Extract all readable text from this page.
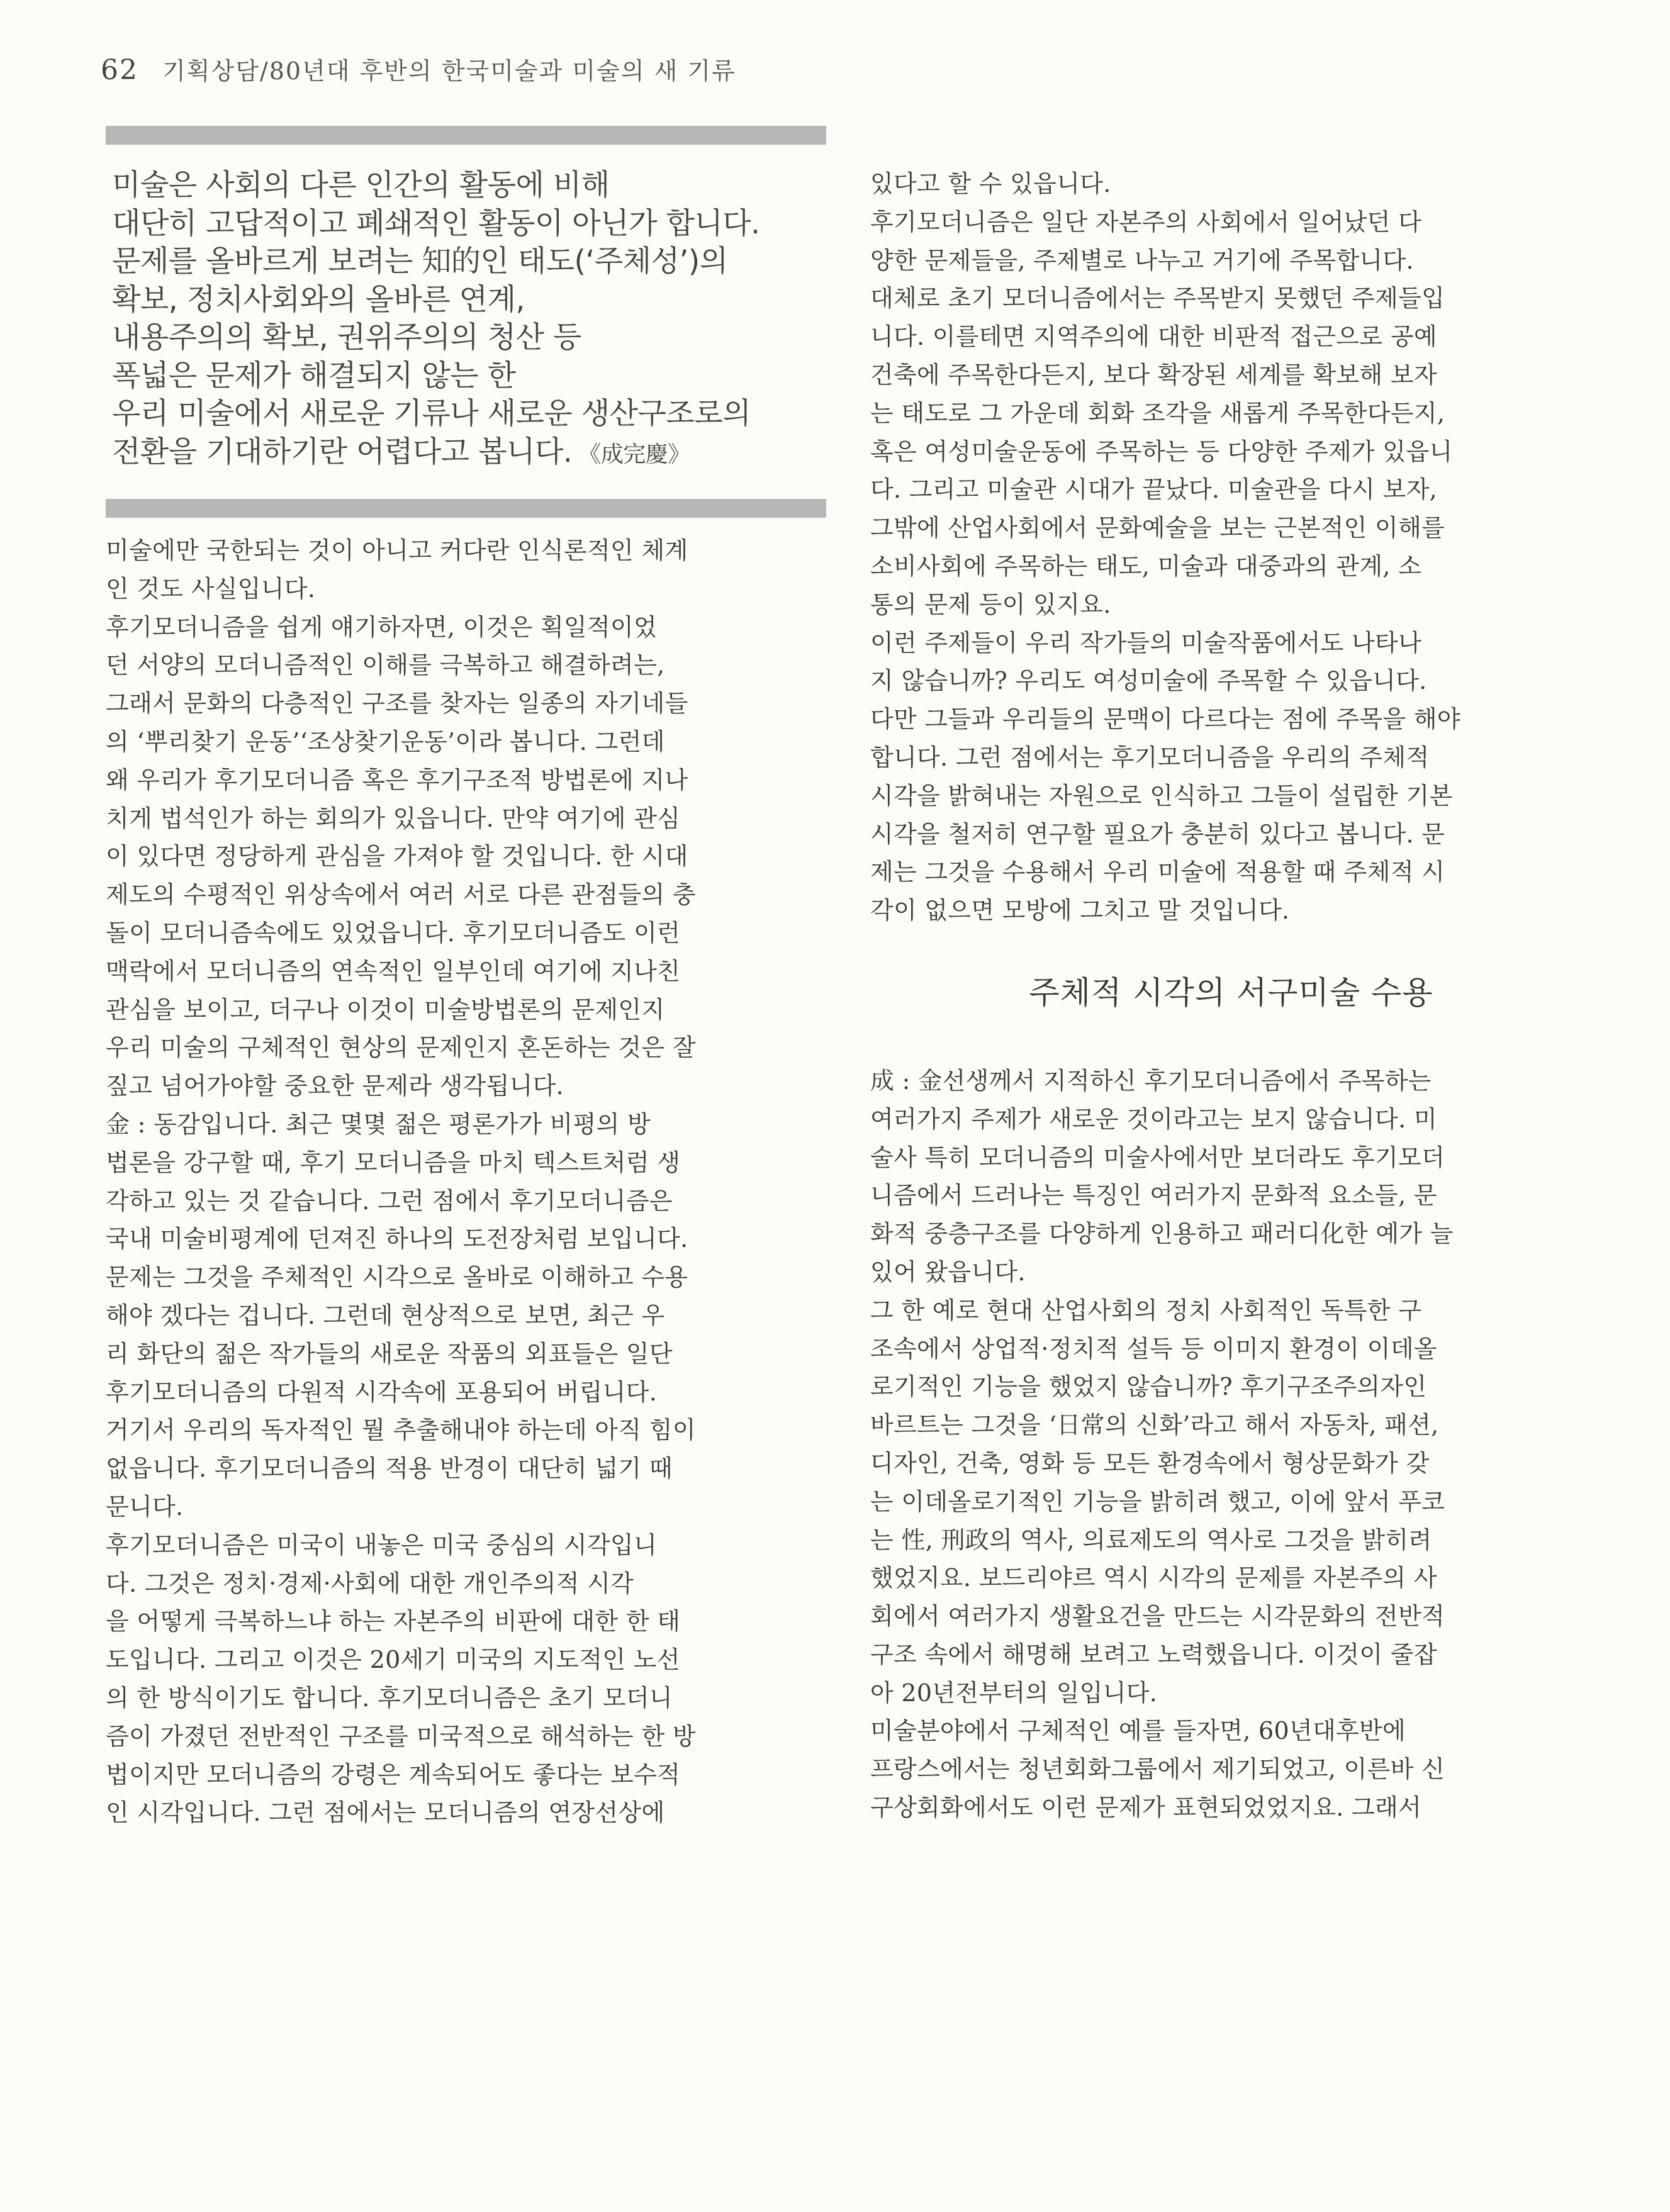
62 기획상담/80년대 후반의 한국미술과 미술의 새 기류
미술은 사회의 다른 인간의 활동에 비해
대단히 고답적이고 폐쇄적인 활동이 아닌가 합니다.
문제를 올바르게 보려는 知的인 태도(‘주체성’)의
확보, 정치사회와의 올바른 연계,
내용주의의 확보, 권위주의의 청산 등
폭넓은 문제가 해결되지 않는 한
우리 미술에서 새로운 기류나 새로운 생산구조로의
전환을 기대하기란 어렵다고 봅니다. 《成完慶》
미술에만 국한되는 것이 아니고 커다란 인식론적인 체계
인 것도 사실입니다.
후기모더니즘을 쉽게 얘기하자면, 이것은 획일적이었
던 서양의 모더니즘적인 이해를 극복하고 해결하려는,
그래서 문화의 다층적인 구조를 찾자는 일종의 자기네들
의 ‘뿌리찾기 운동’‘조상찾기운동’이라 봅니다. 그런데
왜 우리가 후기모더니즘 혹은 후기구조적 방법론에 지나
치게 법석인가 하는 회의가 있읍니다. 만약 여기에 관심
이 있다면 정당하게 관심을 가져야 할 것입니다. 한 시대
제도의 수평적인 위상속에서 여러 서로 다른 관점들의 충
돌이 모더니즘속에도 있었읍니다. 후기모더니즘도 이런
맥락에서 모더니즘의 연속적인 일부인데 여기에 지나친
관심을 보이고, 더구나 이것이 미술방법론의 문제인지
우리 미술의 구체적인 현상의 문제인지 혼돈하는 것은 잘
짚고 넘어가야할 중요한 문제라 생각됩니다.
金 : 동감입니다. 최근 몇몇 젊은 평론가가 비평의 방
법론을 강구할 때, 후기 모더니즘을 마치 텍스트처럼 생
각하고 있는 것 같습니다. 그런 점에서 후기모더니즘은
국내 미술비평계에 던져진 하나의 도전장처럼 보입니다.
문제는 그것을 주체적인 시각으로 올바로 이해하고 수용
해야 겠다는 겁니다. 그런데 현상적으로 보면, 최근 우
리 화단의 젊은 작가들의 새로운 작품의 외표들은 일단
후기모더니즘의 다원적 시각속에 포용되어 버립니다.
거기서 우리의 독자적인 뭘 추출해내야 하는데 아직 힘이
없읍니다. 후기모더니즘의 적용 반경이 대단히 넓기 때
문니다.
후기모더니즘은 미국이 내놓은 미국 중심의 시각입니
다. 그것은 정치·경제·사회에 대한 개인주의적 시각
을 어떻게 극복하느냐 하는 자본주의 비판에 대한 한 태
도입니다. 그리고 이것은 20세기 미국의 지도적인 노선
의 한 방식이기도 합니다. 후기모더니즘은 초기 모더니
즘이 가졌던 전반적인 구조를 미국적으로 해석하는 한 방
법이지만 모더니즘의 강령은 계속되어도 좋다는 보수적
인 시각입니다. 그런 점에서는 모더니즘의 연장선상에
있다고 할 수 있읍니다.
후기모더니즘은 일단 자본주의 사회에서 일어났던 다
양한 문제들을, 주제별로 나누고 거기에 주목합니다.
대체로 초기 모더니즘에서는 주목받지 못했던 주제들입
니다. 이를테면 지역주의에 대한 비판적 접근으로 공예
건축에 주목한다든지, 보다 확장된 세계를 확보해 보자
는 태도로 그 가운데 회화 조각을 새롭게 주목한다든지,
혹은 여성미술운동에 주목하는 등 다양한 주제가 있읍니
다. 그리고 미술관 시대가 끝났다. 미술관을 다시 보자,
그밖에 산업사회에서 문화예술을 보는 근본적인 이해를
소비사회에 주목하는 태도, 미술과 대중과의 관계, 소
통의 문제 등이 있지요.
이런 주제들이 우리 작가들의 미술작품에서도 나타나
지 않습니까? 우리도 여성미술에 주목할 수 있읍니다.
다만 그들과 우리들의 문맥이 다르다는 점에 주목을 해야
합니다. 그런 점에서는 후기모더니즘을 우리의 주체적
시각을 밝혀내는 자원으로 인식하고 그들이 설립한 기본
시각을 철저히 연구할 필요가 충분히 있다고 봅니다. 문
제는 그것을 수용해서 우리 미술에 적용할 때 주체적 시
각이 없으면 모방에 그치고 말 것입니다.
주체적 시각의 서구미술 수용
成 : 金선생께서 지적하신 후기모더니즘에서 주목하는
여러가지 주제가 새로운 것이라고는 보지 않습니다. 미
술사 특히 모더니즘의 미술사에서만 보더라도 후기모더
니즘에서 드러나는 특징인 여러가지 문화적 요소들, 문
화적 중층구조를 다양하게 인용하고 패러디化한 예가 늘
있어 왔읍니다.
그 한 예로 현대 산업사회의 정치 사회적인 독특한 구
조속에서 상업적·정치적 설득 등 이미지 환경이 이데올
로기적인 기능을 했었지 않습니까? 후기구조주의자인
바르트는 그것을 ‘日常의 신화’라고 해서 자동차, 패션,
디자인, 건축, 영화 등 모든 환경속에서 형상문화가 갖
는 이데올로기적인 기능을 밝히려 했고, 이에 앞서 푸코
는 性, 刑政의 역사, 의료제도의 역사로 그것을 밝히려
했었지요. 보드리야르 역시 시각의 문제를 자본주의 사
회에서 여러가지 생활요건을 만드는 시각문화의 전반적
구조 속에서 해명해 보려고 노력했읍니다. 이것이 줄잡
아 20년전부터의 일입니다.
미술분야에서 구체적인 예를 들자면, 60년대후반에
프랑스에서는 청년회화그룹에서 제기되었고, 이른바 신
구상회화에서도 이런 문제가 표현되었었지요. 그래서
